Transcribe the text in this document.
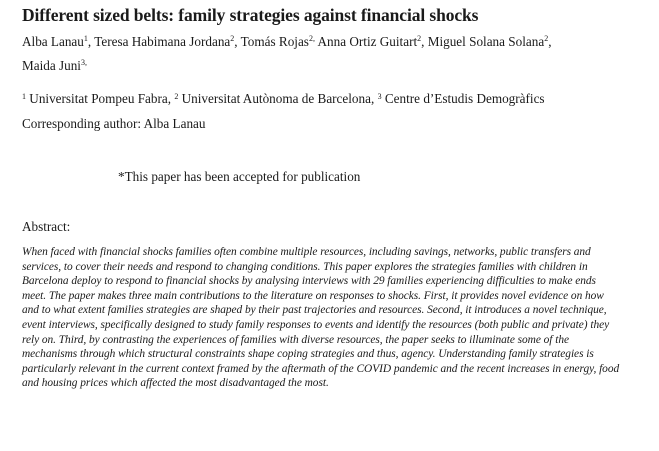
Different sized belts: family strategies against financial shocks
Alba Lanau$^1$, Teresa Habimana Jordana$^2$, Tomás Rojas$^{2,}$ Anna Ortiz Guitart$^2$, Miguel Solana Solana$^2$, Maida Juni$^{3,}$
$^1$ Universitat Pompeu Fabra, $^2$ Universitat Autònoma de Barcelona, $^3$ Centre d’Estudis Demogràfics
Corresponding author: Alba Lanau
*This paper has been accepted for publication
Abstract:
When faced with financial shocks families often combine multiple resources, including savings, networks, public transfers and services, to cover their needs and respond to changing conditions. This paper explores the strategies families with children in Barcelona deploy to respond to financial shocks by analysing interviews with 29 families experiencing difficulties to make ends meet. The paper makes three main contributions to the literature on responses to shocks. First, it provides novel evidence on how and to what extent families strategies are shaped by their past trajectories and resources. Second, it introduces a novel technique, event interviews, specifically designed to study family responses to events and identify the resources (both public and private) they rely on. Third, by contrasting the experiences of families with diverse resources, the paper seeks to illuminate some of the mechanisms through which structural constraints shape coping strategies and thus, agency. Understanding family strategies is particularly relevant in the current context framed by the aftermath of the COVID pandemic and the recent increases in energy, food and housing prices which affected the most disadvantaged the most.
